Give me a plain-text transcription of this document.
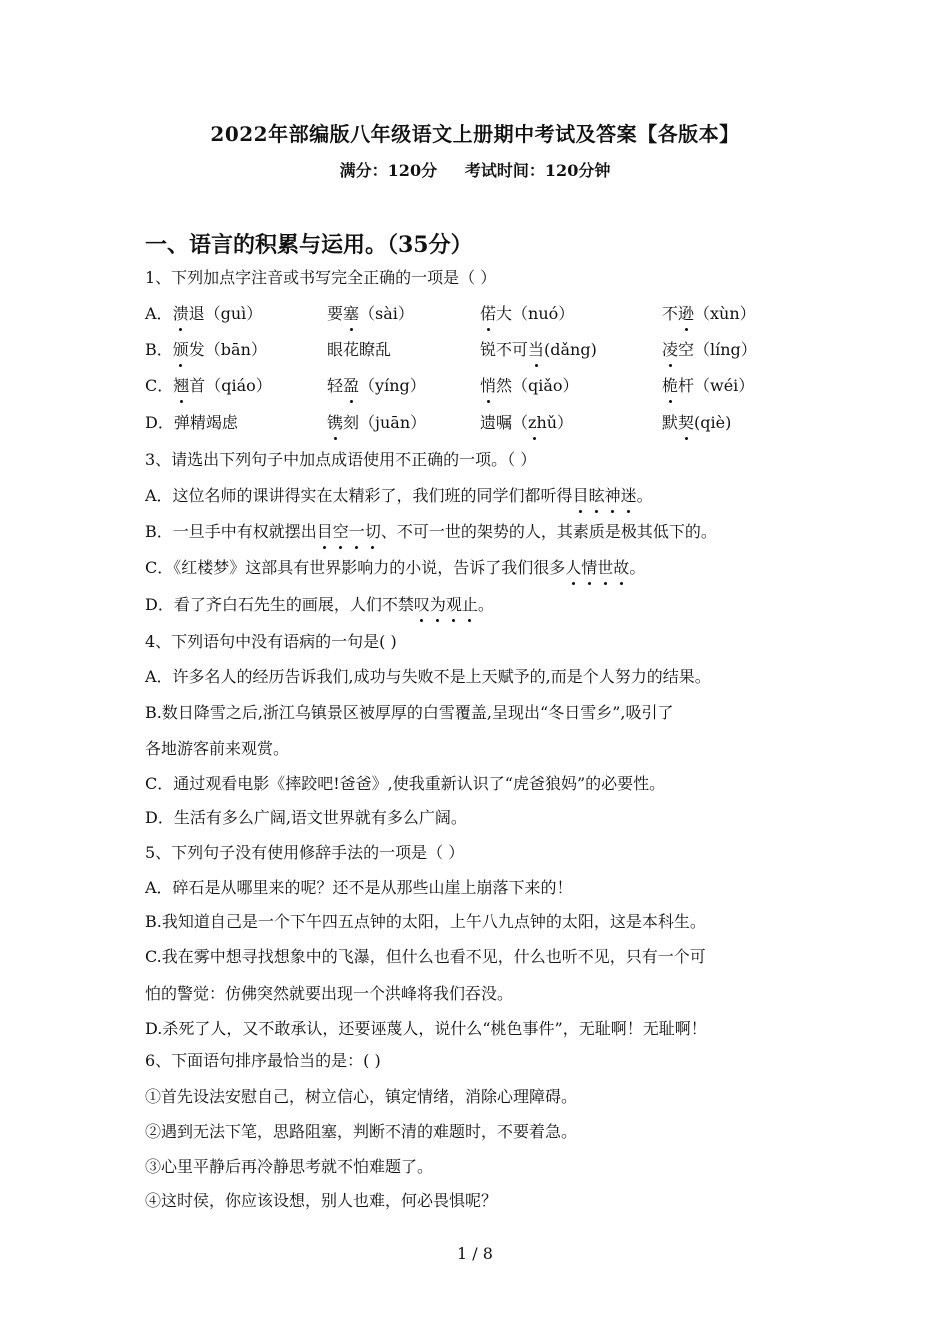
2022年部编版八年级语文上册期中考试及答案【各版本】
满分：120分     考试时间：120分钟
一、语言的积累与运用。（35分）
1、下列加点字注音或书写完全正确的一项是（ ）
A．溃退（guì）	要塞（sài）	偌大（nuó）	不逊（xùn）
B．颁发（bān）	眼花瞭乱	锐不可当(dǎng)	凌空（líng）
C．翘首（qiáo）	轻盈（yíng）	悄然（qiǎo）	桅杆（wéi）
D．弹精竭虑	镌刻（juān）	遗嘱（zhǔ）	默契(qiè)
3、请选出下列句子中加点成语使用不正确的一项。（ ）
A．这位名师的课讲得实在太精彩了，我们班的同学们都听得目眩神迷。
B．一旦手中有权就摆出目空一切、不可一世的架势的人，其素质是极其低下的。
C．《红楼梦》这部具有世界影响力的小说，告诉了我们很多人情世故。
D．看了齐白石先生的画展，人们不禁叹为观止。
4、下列语句中没有语病的一句是( )
A．许多名人的经历告诉我们,成功与失败不是上天赋予的,而是个人努力的结果。
B.数日降雪之后,浙江乌镇景区被厚厚的白雪覆盖,呈现出“冬日雪乡”,吸引了
各地游客前来观赏。
C．通过观看电影《摔跤吧!爸爸》,使我重新认识了“虎爸狼妈”的必要性。
D．生活有多么广阔,语文世界就有多么广阔。
5、下列句子没有使用修辞手法的一项是（ ）
A．碎石是从哪里来的呢？还不是从那些山崖上崩落下来的！
B.我知道自己是一个下午四五点钟的太阳，上午八九点钟的太阳，这是本科生。
C.我在雾中想寻找想象中的飞瀑，但什么也看不见，什么也听不见，只有一个可
怕的警觉：仿佛突然就要出现一个洪峰将我们吞没。
D.杀死了人，又不敢承认，还要诬蔑人，说什么“桃色事件”，无耻啊！无耻啊！
6、下面语句排序最恰当的是：( )
①首先设法安慰自己，树立信心，镇定情绪，消除心理障碍。
②遇到无法下笔，思路阻塞，判断不清的难题时，不要着急。
③心里平静后再冷静思考就不怕难题了。
④这时侯，你应该设想，别人也难，何必畏惧呢？
1 / 8
